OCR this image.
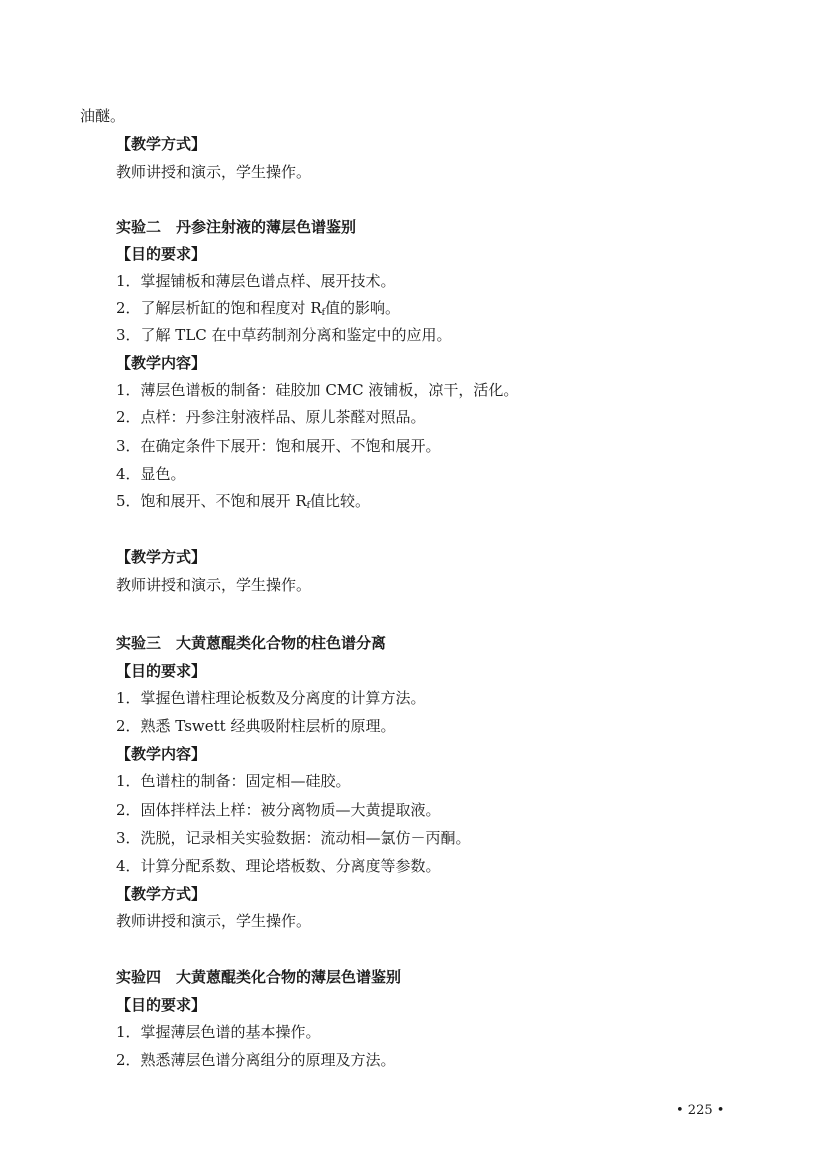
油醚。
【教学方式】
教师讲授和演示，学生操作。
实验二　丹参注射液的薄层色谱鉴别
【目的要求】
1．掌握铺板和薄层色谱点样、展开技术。
2．了解层析缸的饱和程度对 $R_f$值的影响。
3．了解 TLC 在中草药制剂分离和鉴定中的应用。
【教学内容】
1．薄层色谱板的制备：硅胶加 CMC 液铺板，凉干，活化。
2．点样：丹参注射液样品、原儿茶醛对照品。
3．在确定条件下展开：饱和展开、不饱和展开。
4．显色。
5．饱和展开、不饱和展开 $R_f$值比较。
【教学方式】
教师讲授和演示，学生操作。
实验三　大黄蒽醌类化合物的柱色谱分离
【目的要求】
1．掌握色谱柱理论板数及分离度的计算方法。
2．熟悉 Tswett 经典吸附柱层析的原理。
【教学内容】
1．色谱柱的制备：固定相—硅胶。
2．固体拌样法上样：被分离物质—大黄提取液。
3．洗脱，记录相关实验数据：流动相—氯仿－丙酮。
4．计算分配系数、理论塔板数、分离度等参数。
【教学方式】
教师讲授和演示，学生操作。
实验四　大黄蒽醌类化合物的薄层色谱鉴别
【目的要求】
1．掌握薄层色谱的基本操作。
2．熟悉薄层色谱分离组分的原理及方法。
• 225 •
